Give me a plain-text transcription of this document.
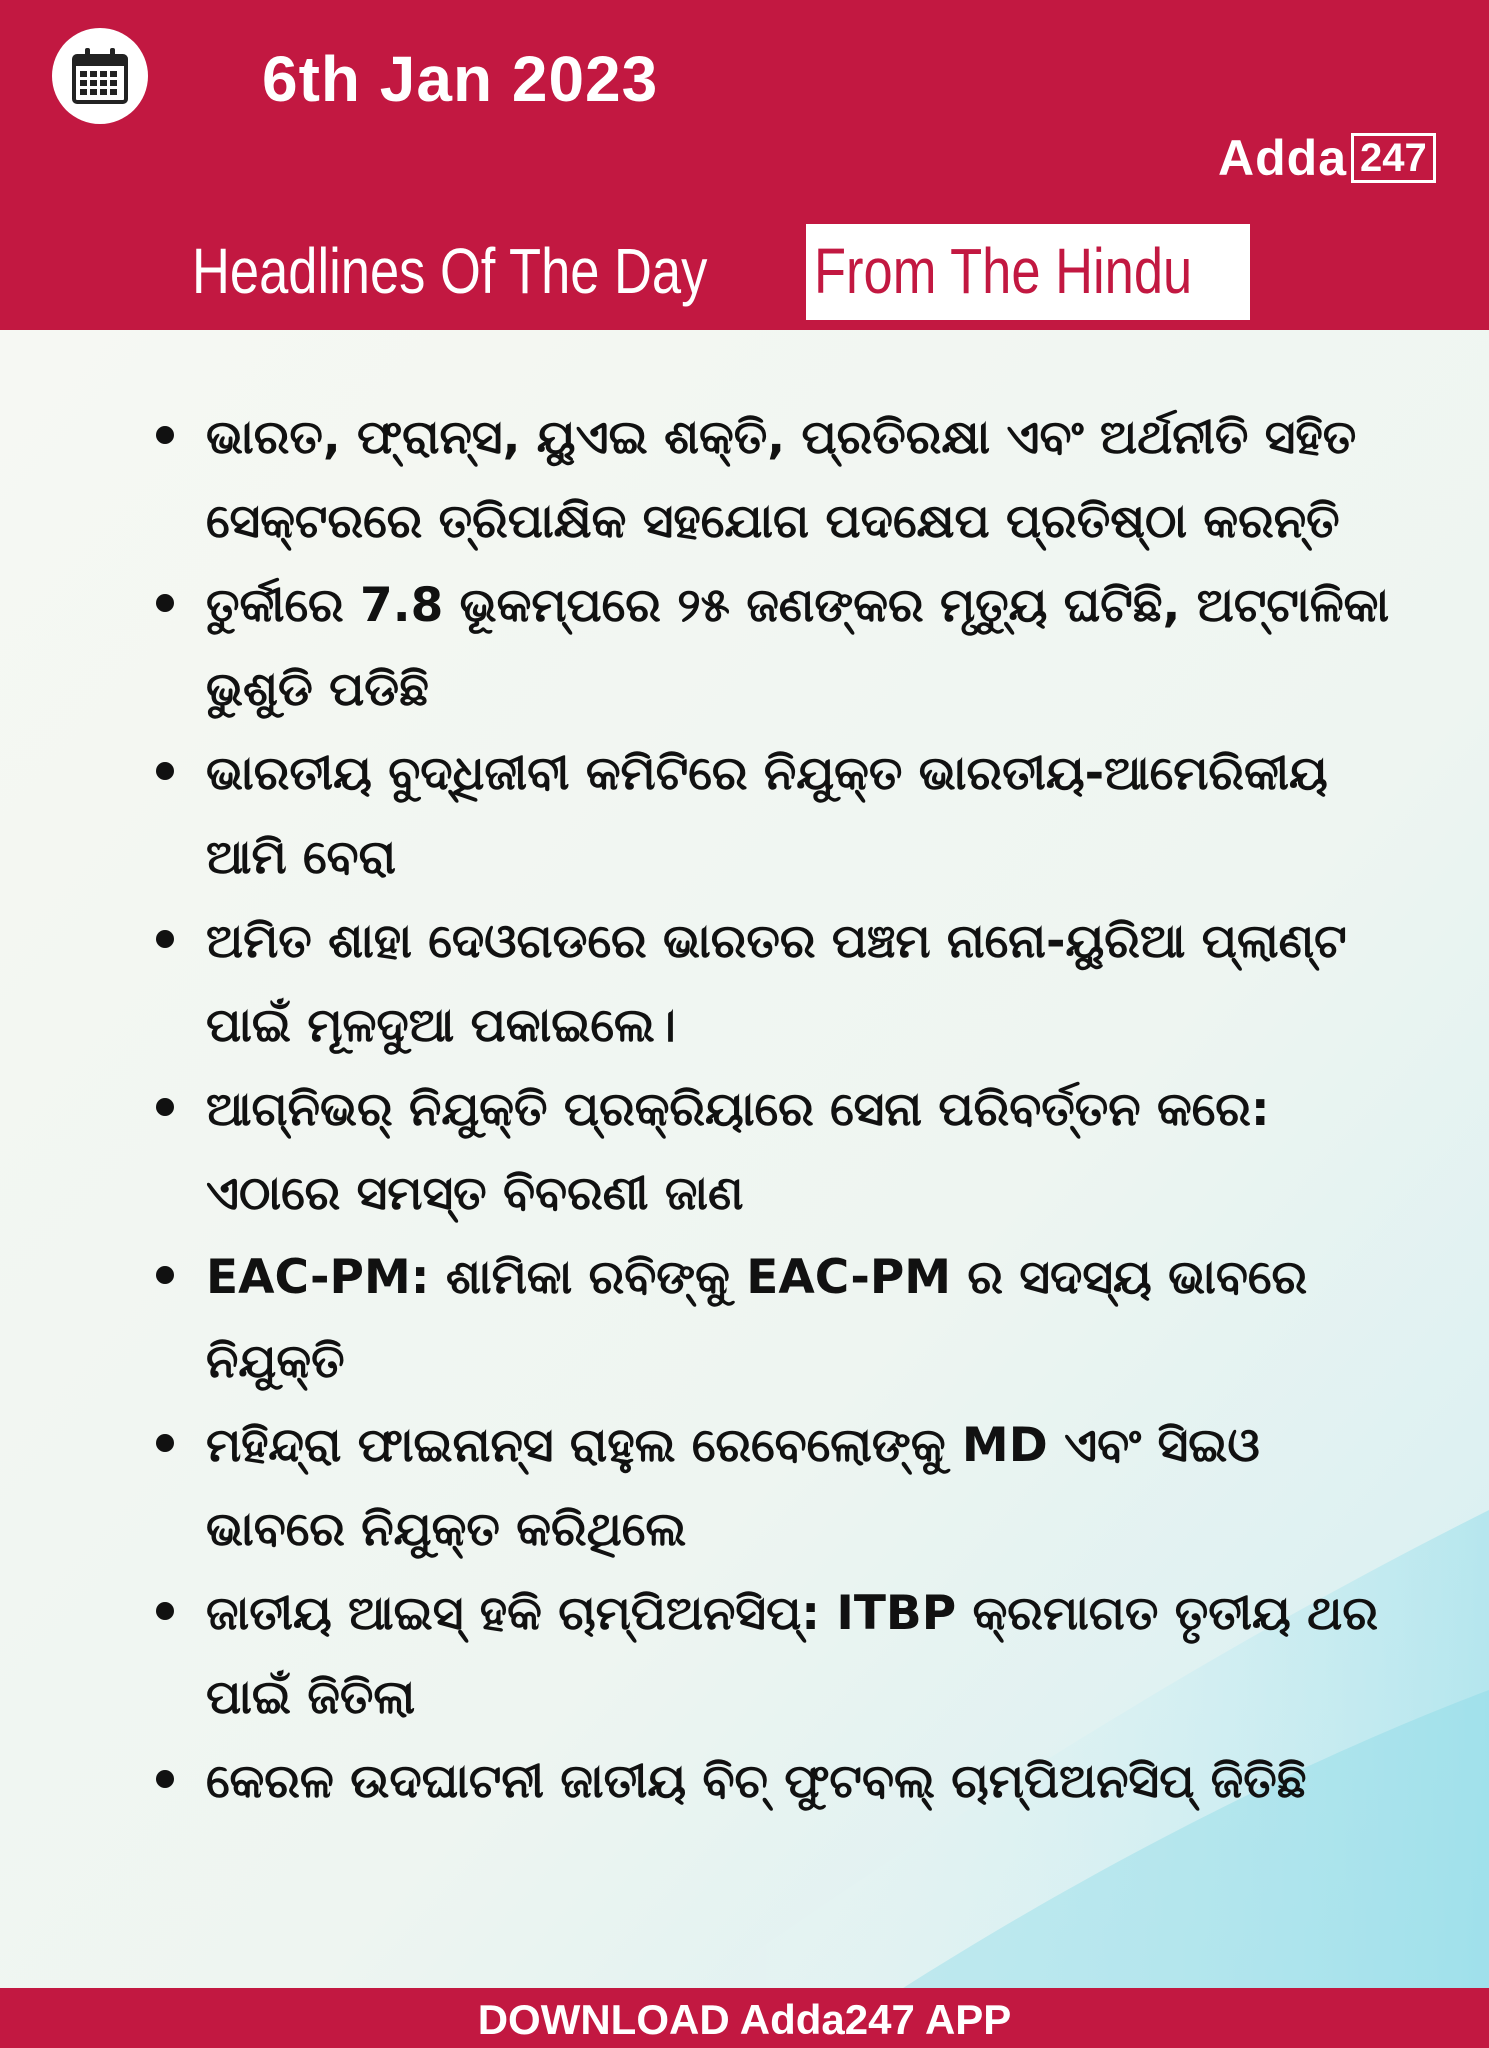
6th Jan 2023
Adda 247
Headlines Of The Day From The Hindu
ଭାରତ, ଫ୍ରାନ୍ସ, ୟୁଏଇ ଶକ୍ତି, ପ୍ରତିରକ୍ଷା ଏବଂ ଅର୍ଥନୀତି ସହିତ ସେକ୍ଟରରେ ତ୍ରିପାକ୍ଷିକ ସହଯୋଗ ପଦକ୍ଷେପ ପ୍ରତିଷ୍ଠା କରନ୍ତି
ତୁର୍କୀରେ 7.8 ଭୂକମ୍ପରେ ୨୫ ଜଣଙ୍କର ମୃତ୍ୟୁ ଘଟିଛି, ଅଟ୍ଟାଳିକା ଭୁଶୁଡି ପଡିଛି
ଭାରତୀୟ ବୁଦ୍ଧିଜୀବୀ କମିଟିରେ ନିଯୁକ୍ତ ଭାରତୀୟ-ଆମେରିକୀୟ ଆମି ବେରା
ଅମିତ ଶାହା ଦେଓଗଡରେ ଭାରତର ପଞ୍ଚମ ନାନୋ-ୟୁରିଆ ପ୍ଲାଣ୍ଟ ପାଇଁ ମୂଳଦୁଆ ପକାଇଲେ।
ଆଗ୍ନିଭର୍ ନିଯୁକ୍ତି ପ୍ରକ୍ରିୟାରେ ସେନା ପରିବର୍ତ୍ତନ କରେ: ଏଠାରେ ସମସ୍ତ ବିବରଣୀ ଜାଣ
EAC-PM: ଶାମିକା ରବିଙ୍କୁ EAC-PM ର ସଦସ୍ୟ ଭାବରେ ନିଯୁକ୍ତି
ମହିନ୍ଦ୍ରା ଫାଇନାନ୍ସ ରାହୁଲ ରେବେଲୋଙ୍କୁ MD ଏବଂ ସିଇଓ ଭାବରେ ନିଯୁକ୍ତ କରିଥିଲେ
ଜାତୀୟ ଆଇସ୍ ହକି ଚାମ୍ପିଅନସିପ୍: ITBP କ୍ରମାଗତ ତୃତୀୟ ଥର ପାଇଁ ଜିତିଲା
କେରଳ ଉଦଘାଟନୀ ଜାତୀୟ ବିଚ୍ ଫୁଟବଲ୍ ଚାମ୍ପିଅନସିପ୍ ଜିତିଛି
DOWNLOAD Adda247 APP
